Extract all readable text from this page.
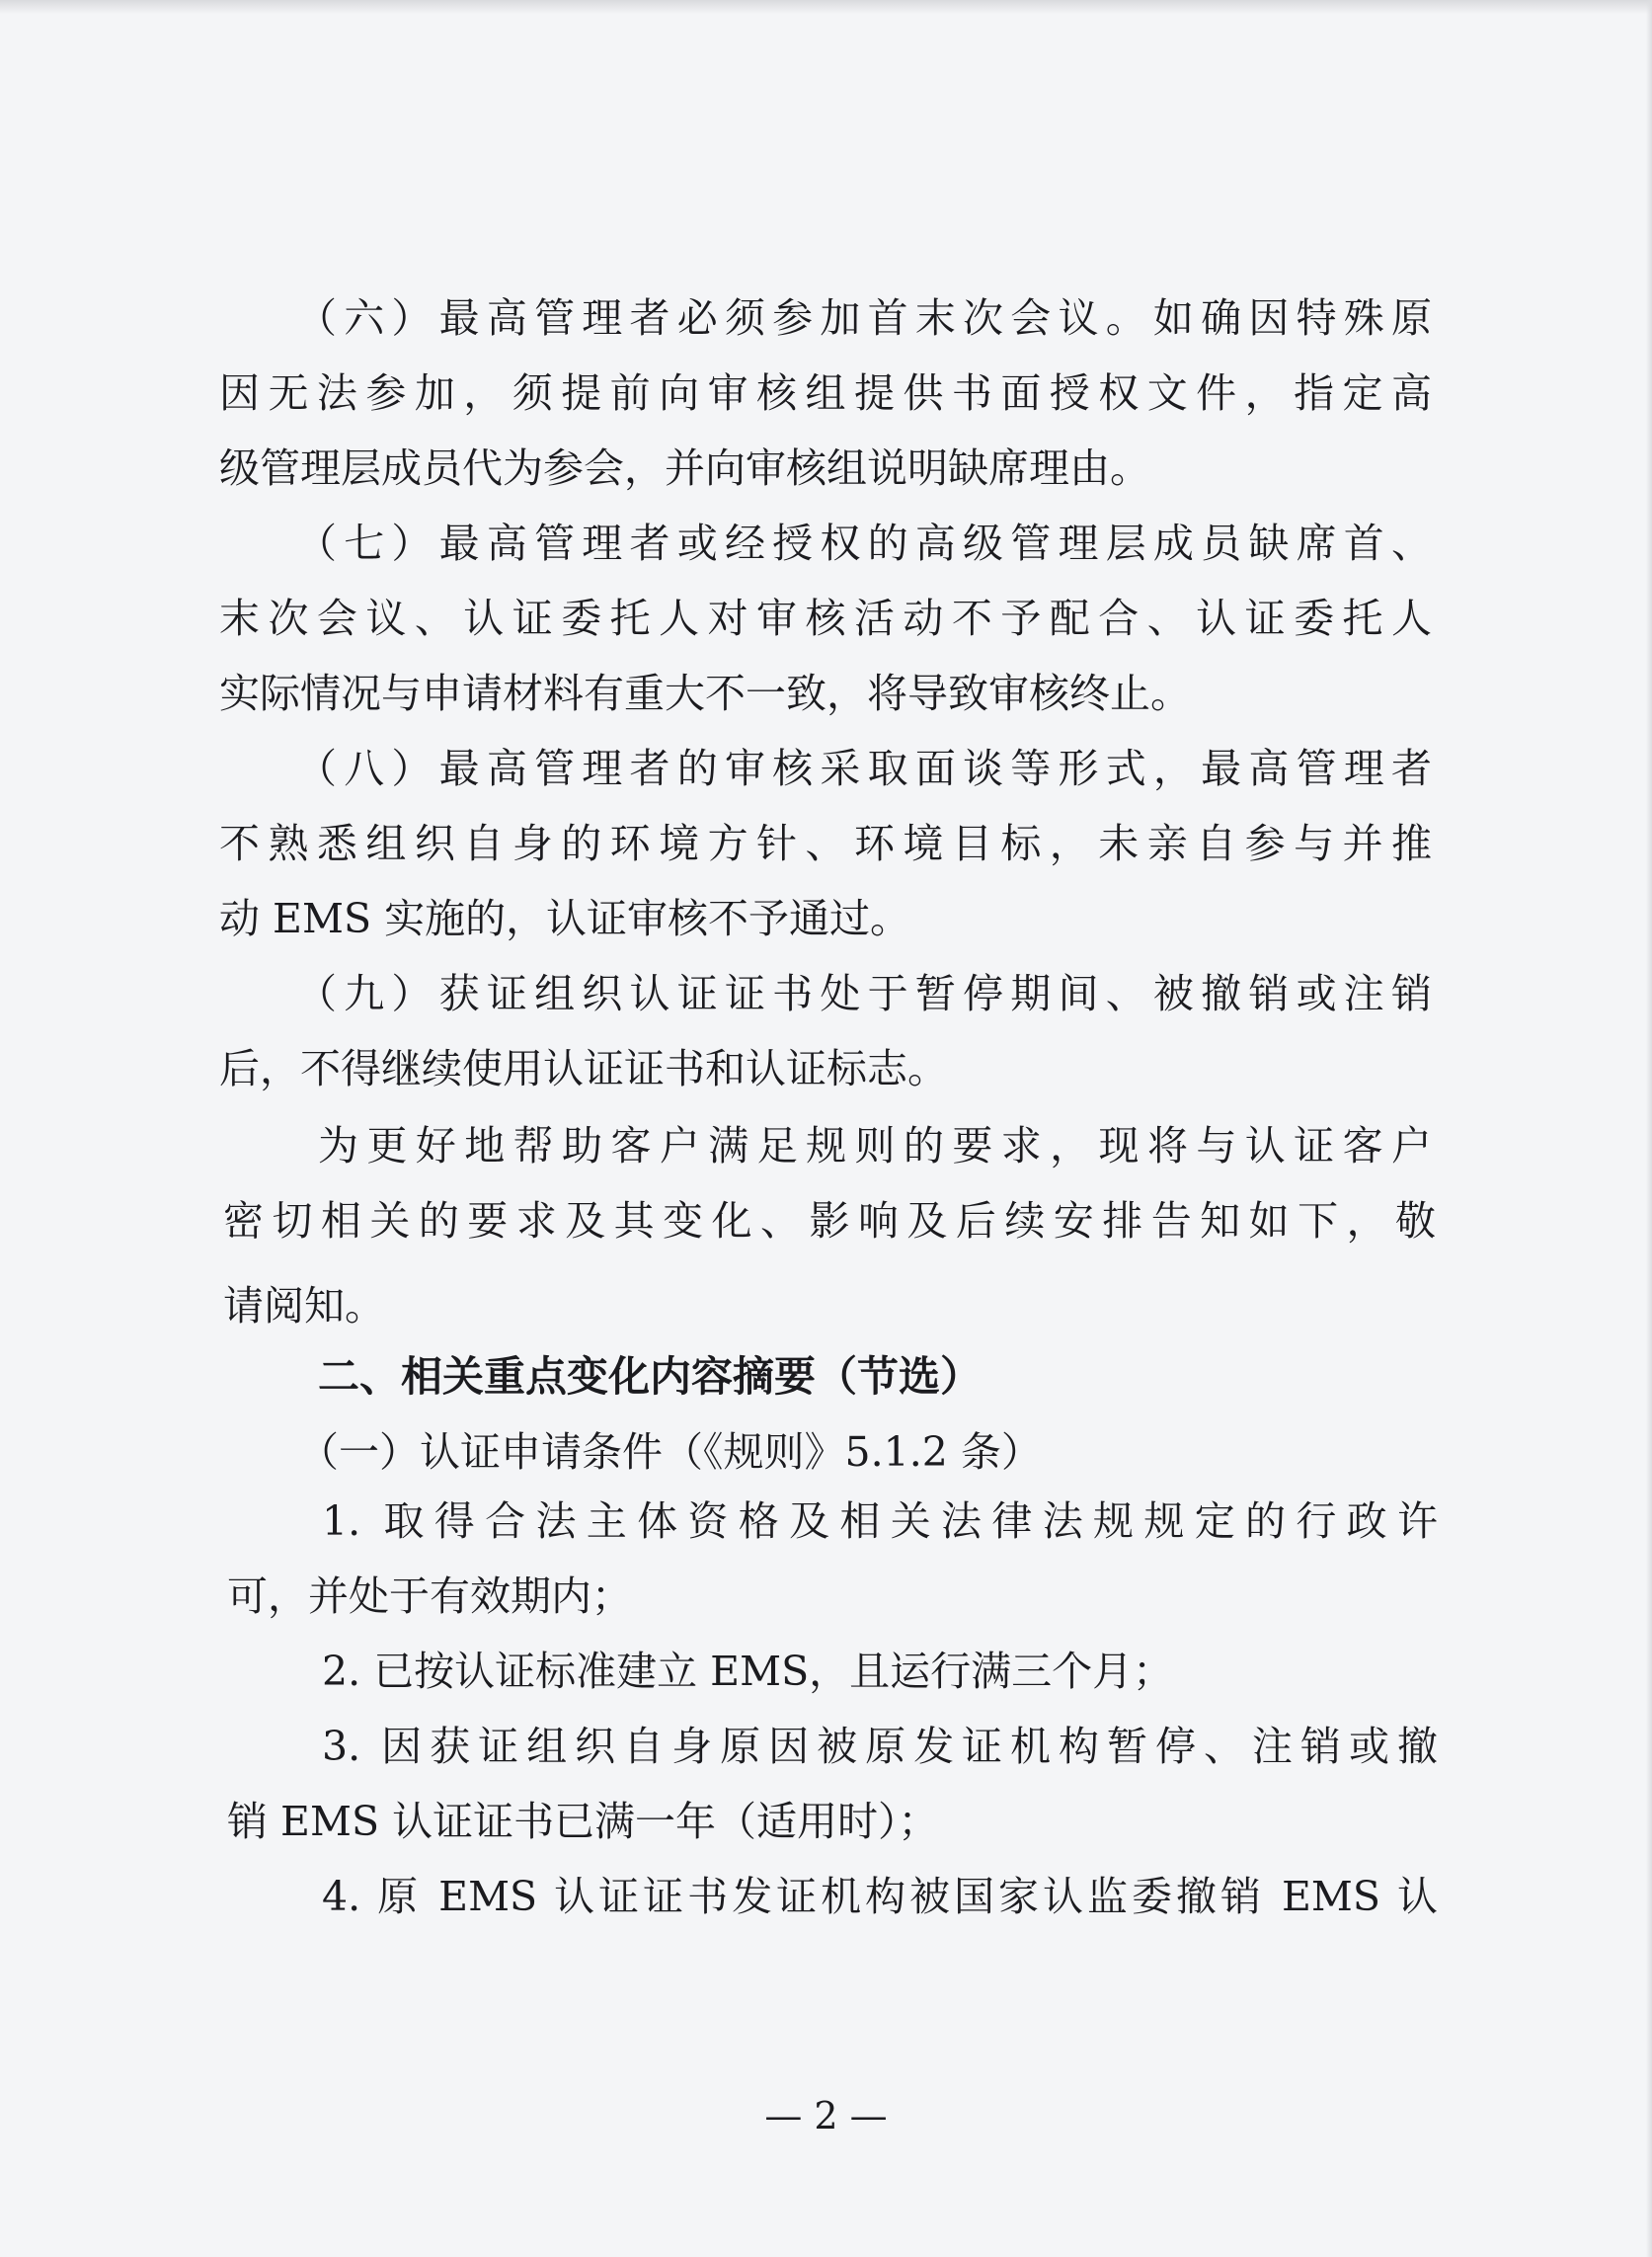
（六）最高管理者必须参加首末次会议。如确因特殊原
因无法参加，须提前向审核组提供书面授权文件，指定高
级管理层成员代为参会，并向审核组说明缺席理由。
（七）最高管理者或经授权的高级管理层成员缺席首、
末次会议、认证委托人对审核活动不予配合、认证委托人
实际情况与申请材料有重大不一致，将导致审核终止。
（八）最高管理者的审核采取面谈等形式，最高管理者
不熟悉组织自身的环境方针、环境目标，未亲自参与并推
动 EMS 实施的，认证审核不予通过。
（九）获证组织认证证书处于暂停期间、被撤销或注销
后，不得继续使用认证证书和认证标志。
为更好地帮助客户满足规则的要求，现将与认证客户
密切相关的要求及其变化、影响及后续安排告知如下，敬
请阅知。
二、相关重点变化内容摘要（节选）
（一）认证申请条件（《规则》5.1.2 条）
1. 取得合法主体资格及相关法律法规规定的行政许
可，并处于有效期内；
2. 已按认证标准建立 EMS，且运行满三个月；
3. 因获证组织自身原因被原发证机构暂停、注销或撤
销 EMS 认证证书已满一年（适用时）；
4. 原 EMS 认证证书发证机构被国家认监委撤销 EMS 认
— 2 —
